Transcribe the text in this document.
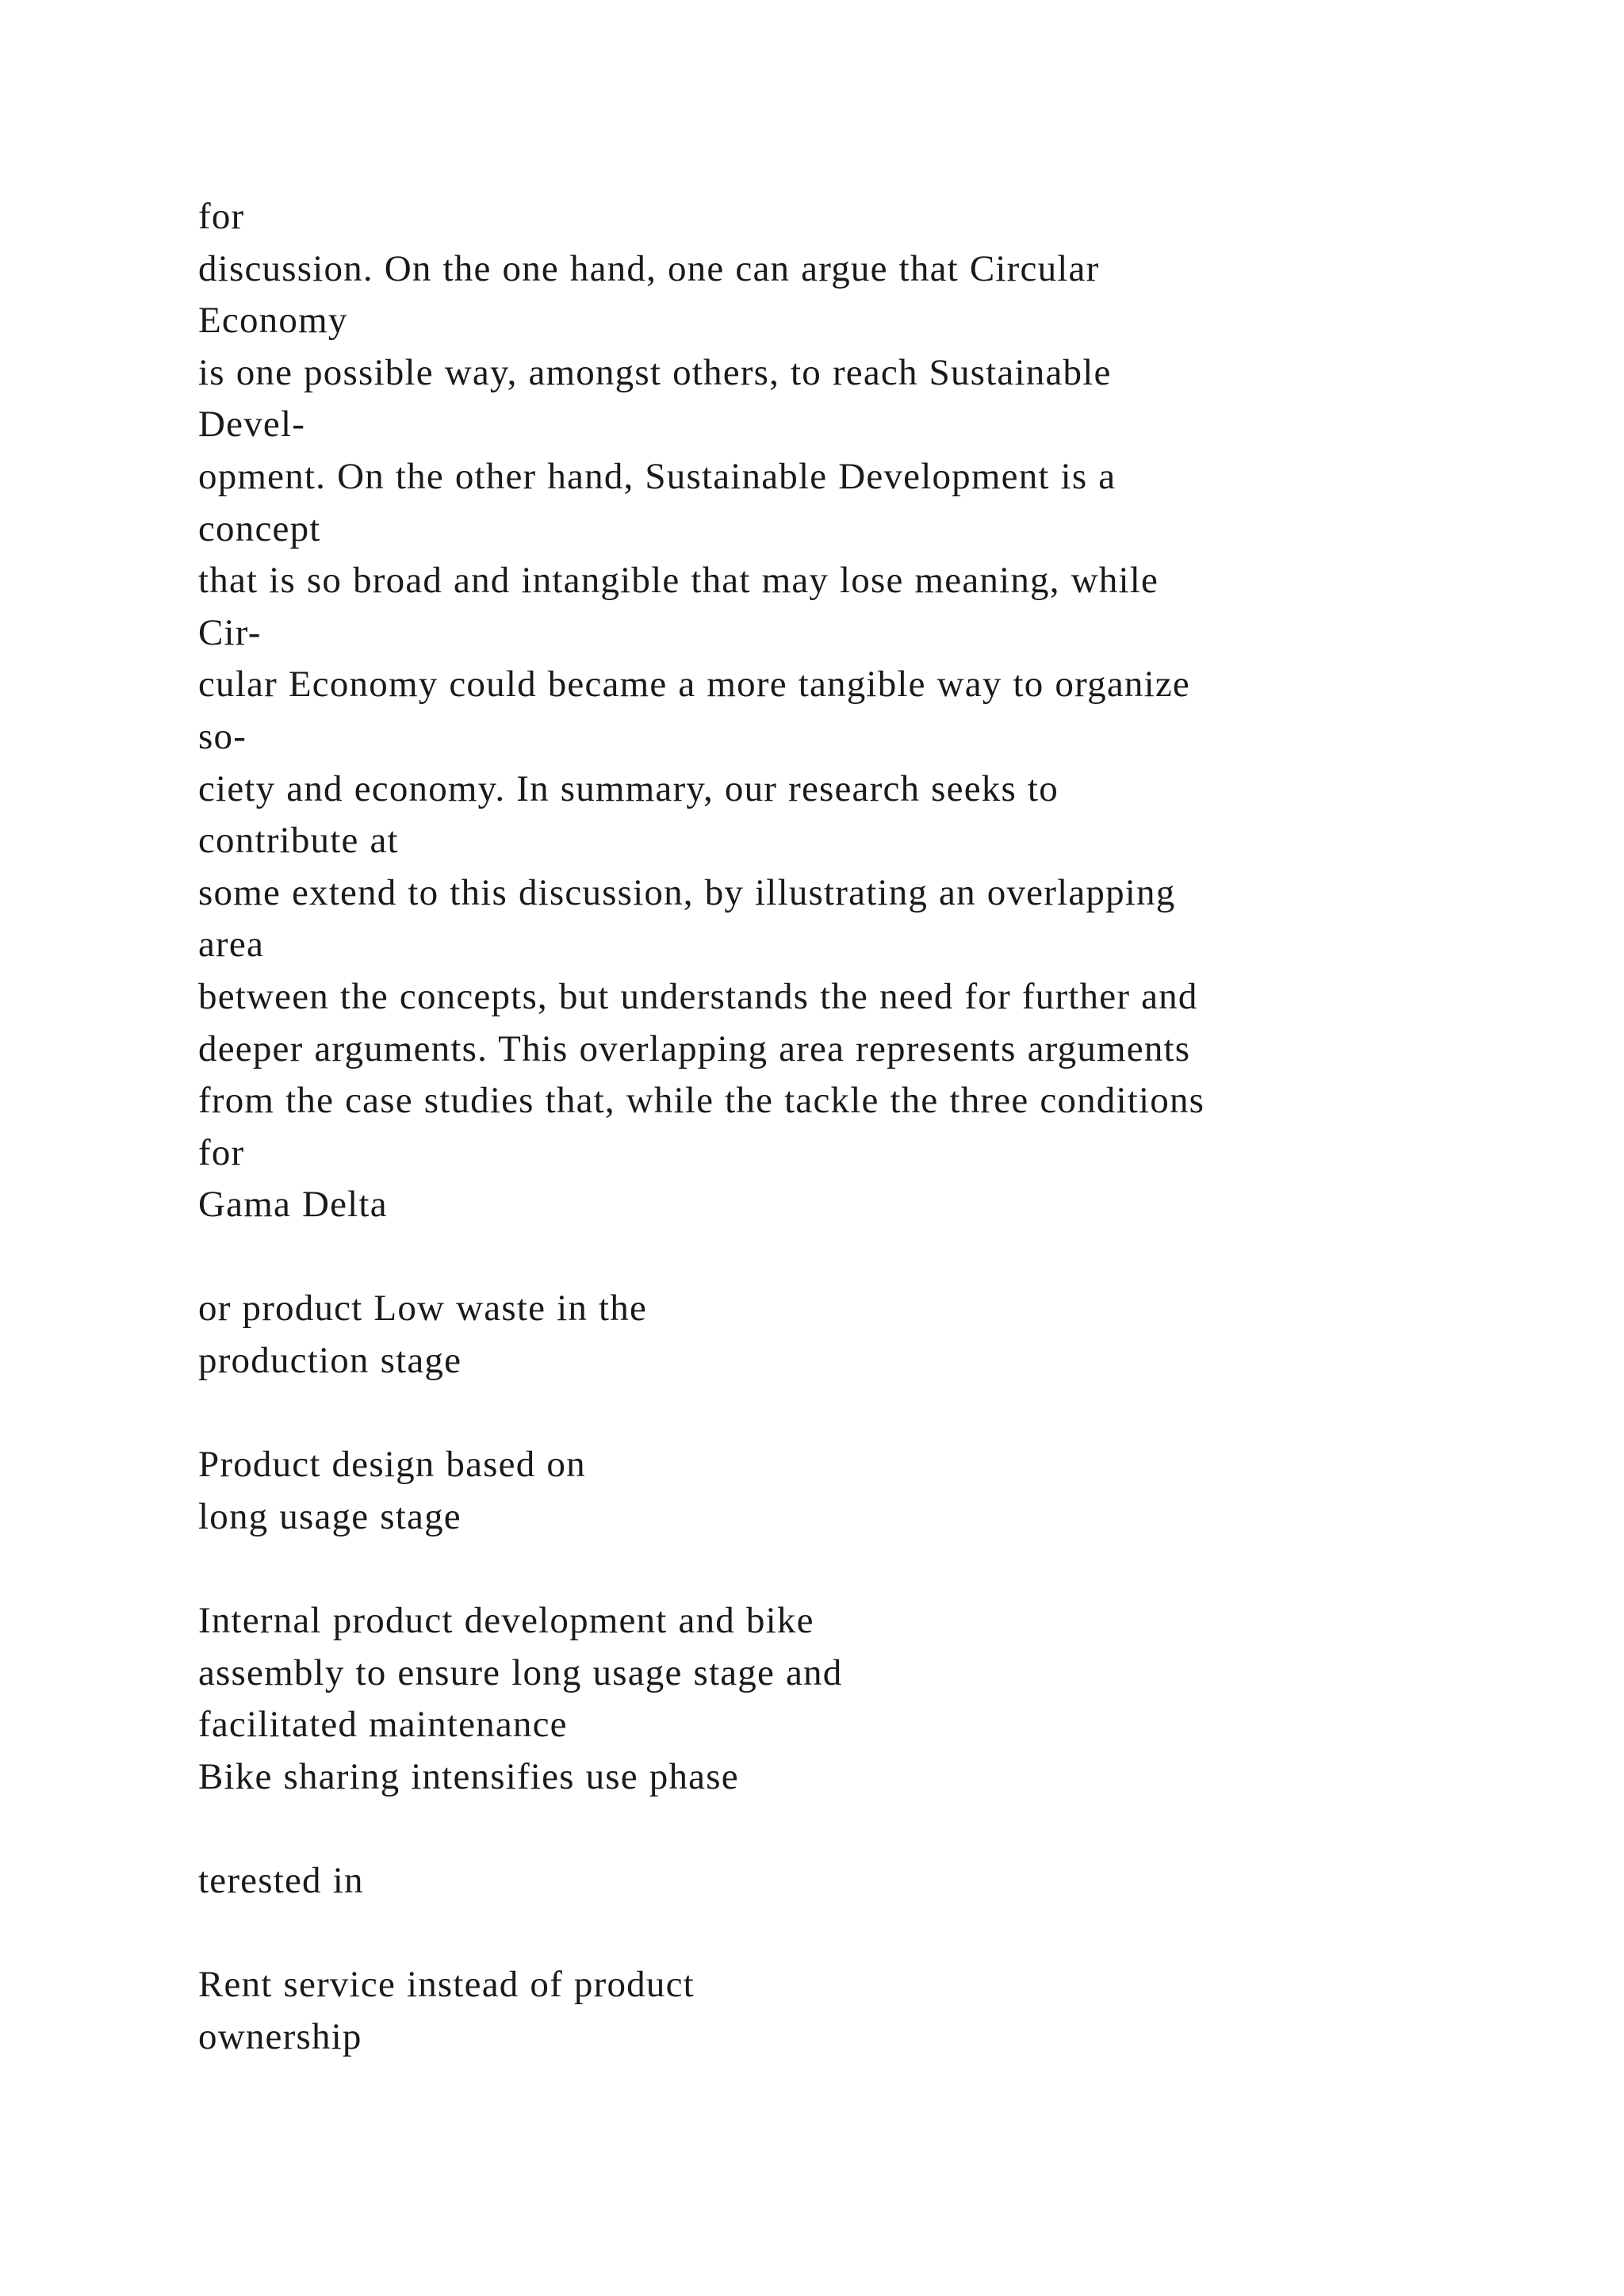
for
discussion. On the one hand, one can argue that Circular
Economy
is one possible way, amongst others, to reach Sustainable
Devel-
opment. On the other hand, Sustainable Development is a
concept
that is so broad and intangible that may lose meaning, while
Cir-
cular Economy could became a more tangible way to organize
so-
ciety and economy. In summary, our research seeks to
contribute at
some extend to this discussion, by illustrating an overlapping
area
between the concepts, but understands the need for further and
deeper arguments. This overlapping area represents arguments
from the case studies that, while the tackle the three conditions
for
Gama Delta
or product Low waste in the
production stage
Product design based on
long usage stage
Internal product development and bike
assembly to ensure long usage stage and
facilitated maintenance
Bike sharing intensifies use phase
terested in
Rent service instead of product
ownership
